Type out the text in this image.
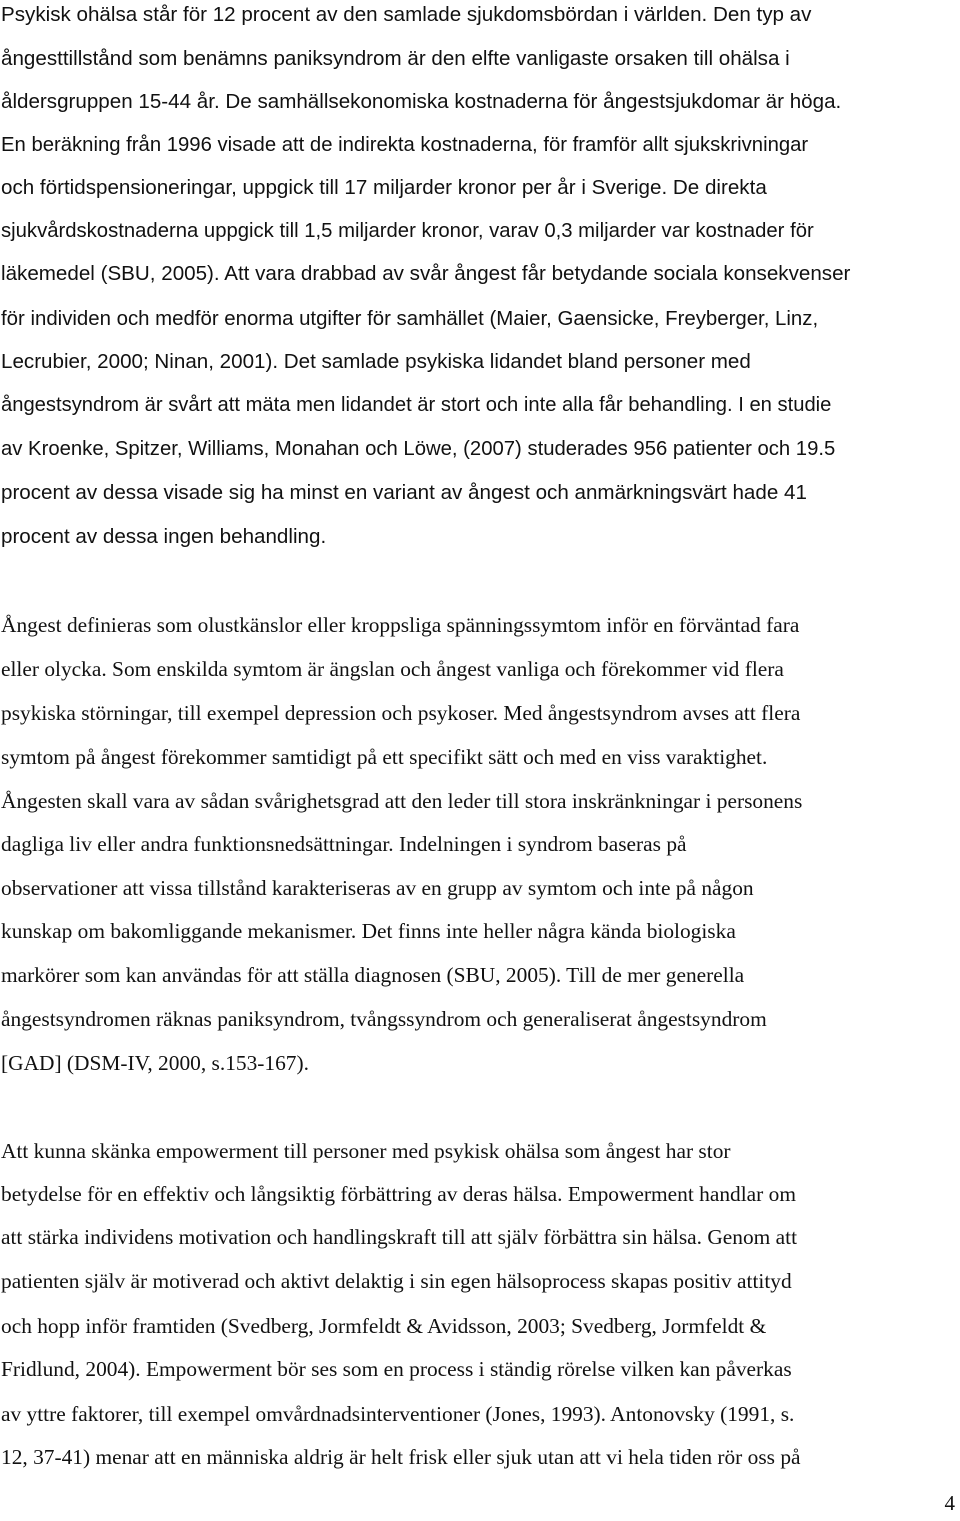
Psykisk ohälsa står för 12 procent av den samlade sjukdomsbördan i världen. Den typ av

ångesttillstånd som benämns paniksyndrom är den elfte vanligaste orsaken till ohälsa i

åldersgruppen 15-44 år. De samhällsekonomiska kostnaderna för ångestsjukdomar är höga.

En beräkning från 1996 visade att de indirekta kostnaderna, för framför allt sjukskrivningar

och förtidspensioneringar, uppgick till 17 miljarder kronor per år i Sverige. De direkta

sjukvårdskostnaderna uppgick till 1,5 miljarder kronor, varav 0,3 miljarder var kostnader för

läkemedel (SBU, 2005). Att vara drabbad av svår ångest får betydande sociala konsekvenser

för individen och medför enorma utgifter för samhället (Maier, Gaensicke, Freyberger, Linz,

Lecrubier, 2000; Ninan, 2001). Det samlade psykiska lidandet bland personer med

ångestsyndrom är svårt att mäta men lidandet är stort och inte alla får behandling. I en studie

av Kroenke, Spitzer, Williams, Monahan och Löwe, (2007) studerades 956 patienter och 19.5

procent av dessa visade sig ha minst en variant av ångest och anmärkningsvärt hade 41

procent av dessa ingen behandling.

Ångest definieras som olustkänslor eller kroppsliga spänningssymtom inför en förväntad fara

eller olycka. Som enskilda symtom är ängslan och ångest vanliga och förekommer vid flera

psykiska störningar, till exempel depression och psykoser. Med ångestsyndrom avses att flera

symtom på ångest förekommer samtidigt på ett specifikt sätt och med en viss varaktighet.

Ångesten skall vara av sådan svårighetsgrad att den leder till stora inskränkningar i personens

dagliga liv eller andra funktionsnedsättningar. Indelningen i syndrom baseras på

observationer att vissa tillstånd karakteriseras av en grupp av symtom och inte på någon

kunskap om bakomliggande mekanismer. Det finns inte heller några kända biologiska

markörer som kan användas för att ställa diagnosen (SBU, 2005). Till de mer generella

ångestsyndromen räknas paniksyndrom, tvångssyndrom och generaliserat ångestsyndrom

[GAD] (DSM-IV, 2000, s.153-167).

Att kunna skänka empowerment till personer med psykisk ohälsa som ångest har stor

betydelse för en effektiv och långsiktig förbättring av deras hälsa. Empowerment handlar om

att stärka individens motivation och handlingskraft till att själv förbättra sin hälsa. Genom att

patienten själv är motiverad och aktivt delaktig i sin egen hälsoprocess skapas positiv attityd

och hopp inför framtiden (Svedberg, Jormfeldt & Avidsson, 2003; Svedberg, Jormfeldt &

Fridlund, 2004). Empowerment bör ses som en process i ständig rörelse vilken kan påverkas

av yttre faktorer, till exempel omvårdnadsinterventioner (Jones, 1993). Antonovsky (1991, s.

12, 37-41) menar att en människa aldrig är helt frisk eller sjuk utan att vi hela tiden rör oss på

4
